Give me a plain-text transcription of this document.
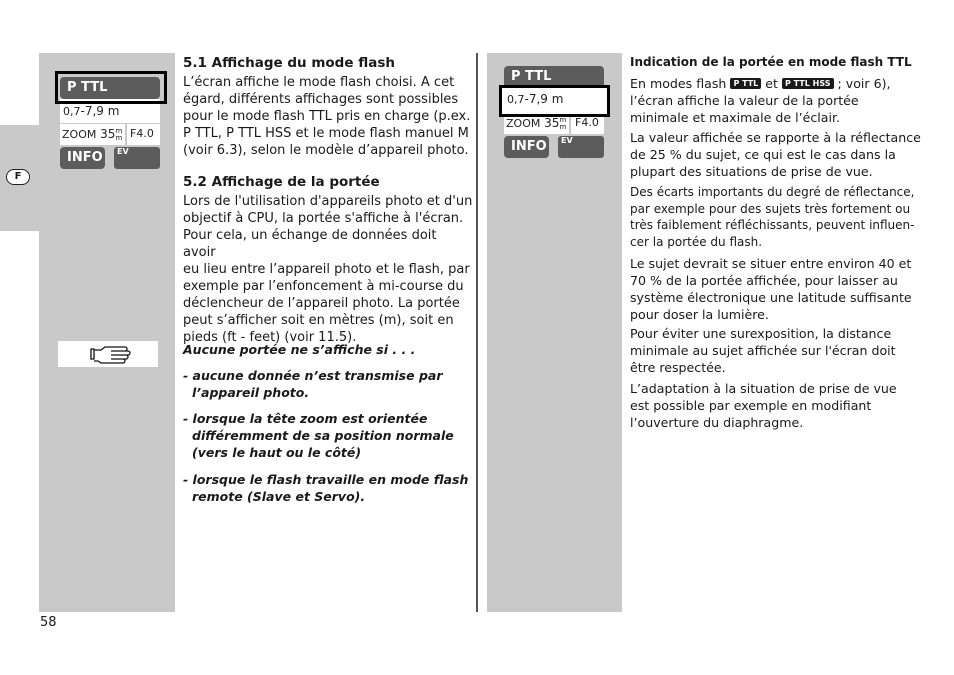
F
P TTL
0,7-7,9 m
ZOOM 35m
m F4.0
INFO	EV
P TTL
0,7-7,9 m
ZOOM 35m
m F4.0
INFO	EV
5.1 Affichage du mode flash
L’écran affiche le mode flash choisi. A cet
égard, différents affichages sont possibles
pour le mode flash TTL pris en charge (p.ex.
P TTL, P TTL HSS et le mode flash manuel M
(voir 6.3), selon le modèle d’appareil photo.
5.2 Affichage de la portée
Lors de l'utilisation d'appareils photo et d'un
objectif à CPU, la portée s'affiche à l'écran.
Pour cela, un échange de données doit avoir
eu lieu entre l’appareil photo et le flash, par
exemple par l’enfoncement à mi-course du
déclencheur de l’appareil photo. La portée
peut s’afficher soit en mètres (m), soit en
pieds (ft - feet) (voir 11.5).
Aucune portée ne s’affiche si . . .
- aucune donnée n’est transmise par
l’appareil photo.
- lorsque la tête zoom est orientée
différemment de sa position normale
(vers le haut ou le côté)
- lorsque le flash travaille en mode flash
remote (Slave et Servo).
Indication de la portée en mode flash TTL
En modes flash P TTL et P TTL HSS ; voir 6),
l’écran affiche la valeur de la portée
minimale et maximale de l’éclair.
La valeur affichée se rapporte à la réflectance
de 25 % du sujet, ce qui est le cas dans la
plupart des situations de prise de vue.
Des écarts importants du degré de réflectance,
par exemple pour des sujets très fortement ou
très faiblement réfléchissants, peuvent influen-
cer la portée du flash.
Le sujet devrait se situer entre environ 40 et
70 % de la portée affichée, pour laisser au
système électronique une latitude suffisante
pour doser la lumière.
Pour éviter une surexposition, la distance
minimale au sujet affichée sur l'écran doit
être respectée.
L’adaptation à la situation de prise de vue
est possible par exemple en modifiant
l’ouverture du diaphragme.
58
